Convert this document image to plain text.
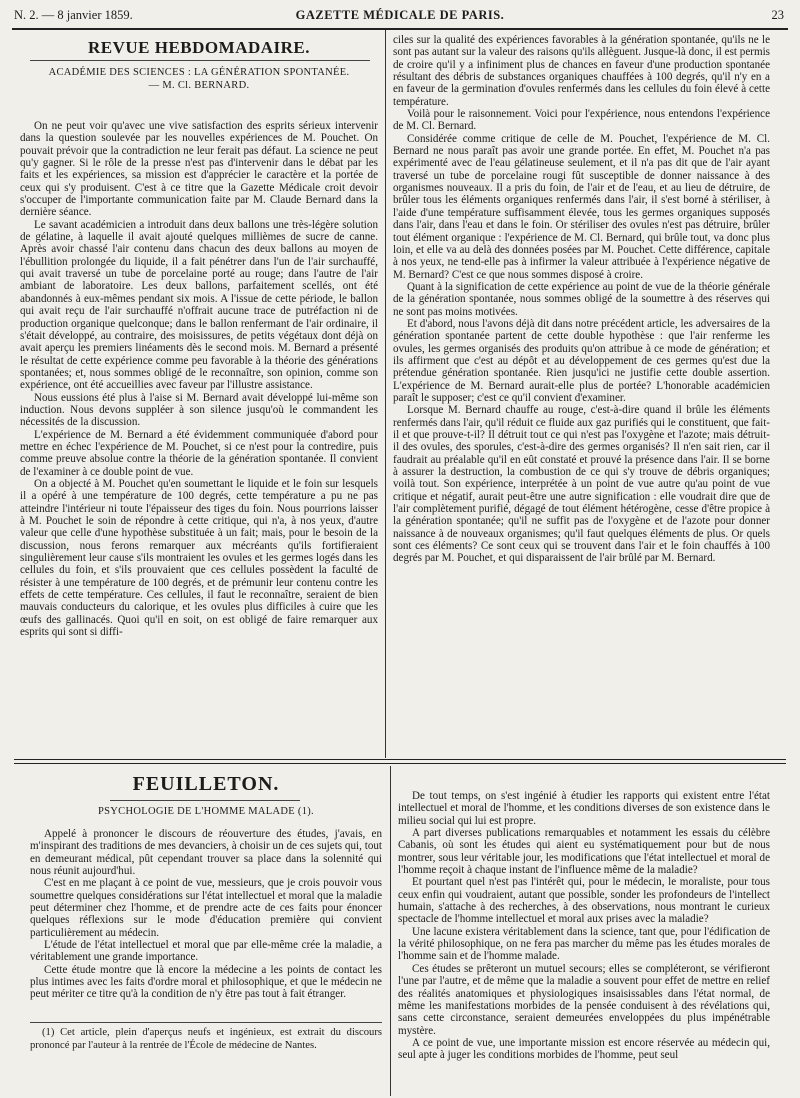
N. 2. — 8 janvier 1859.	GAZETTE MÉDICALE DE PARIS.	23
REVUE HEBDOMADAIRE.
ACADÉMIE DES SCIENCES : LA GÉNÉRATION SPONTANÉE.
— M. Cl. BERNARD.

On ne peut voir qu'avec une vive satisfaction des esprits sérieux intervenir dans la question soulevée par les nouvelles expériences de M. Pouchet. On pouvait prévoir que la contradiction ne leur ferait pas défaut. La science ne peut qu'y gagner. Si le rôle de la presse n'est pas d'intervenir dans le débat par les faits et les expériences, sa mission est d'apprécier le caractère et la portée de ceux qui s'y produisent. C'est à ce titre que la Gazette Médicale croit devoir s'occuper de l'importante communication faite par M. Claude Bernard dans la dernière séance.

Le savant académicien a introduit dans deux ballons une très-légère solution de gélatine, à laquelle il avait ajouté quelques millièmes de sucre de canne. Après avoir chassé l'air contenu dans chacun des deux ballons au moyen de l'ébullition prolongée du liquide, il a fait pénétrer dans l'un de l'air surchauffé, qui avait traversé un tube de porcelaine porté au rouge; dans l'autre de l'air ambiant de laboratoire. Les deux ballons, parfaitement scellés, ont été abandonnés à eux-mêmes pendant six mois. A l'issue de cette période, le ballon qui avait reçu de l'air surchauffé n'offrait aucune trace de putréfaction ni de production organique quelconque; dans le ballon renfermant de l'air ordinaire, il s'était développé, au contraire, des moisissures, de petits végétaux dont déjà on avait aperçu les premiers linéaments dès le second mois. M. Bernard a présenté le résultat de cette expérience comme peu favorable à la théorie des générations spontanées; et, nous sommes obligé de le reconnaître, son opinion, comme son expérience, ont été accueillies avec faveur par l'illustre assistance.

Nous eussions été plus à l'aise si M. Bernard avait développé lui-même son induction. Nous devons suppléer à son silence jusqu'où le commandent les nécessités de la discussion.

L'expérience de M. Bernard a été évidemment communiquée d'abord pour mettre en échec l'expérience de M. Pouchet, si ce n'est pour la contredire, puis comme preuve absolue contre la théorie de la génération spontanée. Il convient de l'examiner à ce double point de vue.

On a objecté à M. Pouchet qu'en soumettant le liquide et le foin sur lesquels il a opéré à une température de 100 degrés, cette température a pu ne pas atteindre l'intérieur ni toute l'épaisseur des tiges du foin. Nous pourrions laisser à M. Pouchet le soin de répondre à cette critique, qui n'a, à nos yeux, d'autre valeur que celle d'une hypothèse substituée à un fait; mais, pour le besoin de la discussion, nous ferons remarquer aux mécréants qu'ils fortifieraient singulièrement leur cause s'ils montraient les ovules et les germes logés dans les cellules du foin, et s'ils prouvaient que ces cellules possèdent la faculté de résister à une température de 100 degrés, et de prémunir leur contenu contre les effets de cette température. Ces cellules, il faut le reconnaître, seraient de bien mauvais conducteurs du calorique, et les ovules plus difficiles à cuire que les œufs des gallinacés. Quoi qu'il en soit, on est obligé de faire remarquer aux esprits qui sont si diffi-

ciles sur la qualité des expériences favorables à la génération spontanée, qu'ils ne le sont pas autant sur la valeur des raisons qu'ils allèguent. Jusque-là donc, il est permis de croire qu'il y a infiniment plus de chances en faveur d'une production spontanée résultant des débris de substances organiques chauffées à 100 degrés, qu'il n'y en a en faveur de la germination d'ovules renfermés dans les cellules du foin élevé à cette température.

Voilà pour le raisonnement. Voici pour l'expérience, nous entendons l'expérience de M. Cl. Bernard.

Considérée comme critique de celle de M. Pouchet, l'expérience de M. Cl. Bernard ne nous paraît pas avoir une grande portée. En effet, M. Pouchet n'a pas expérimenté avec de l'eau gélatineuse seulement, et il n'a pas dit que de l'air ayant traversé un tube de porcelaine rougi fût susceptible de donner naissance à des organismes nouveaux. Il a pris du foin, de l'air et de l'eau, et au lieu de détruire, de brûler tous les éléments organiques renfermés dans l'air, il s'est borné à stériliser, à l'aide d'une température suffisamment élevée, tous les germes organiques supposés dans l'air, dans l'eau et dans le foin. Or stériliser des ovules n'est pas détruire, brûler tout élément organique : l'expérience de M. Cl. Bernard, qui brûle tout, va donc plus loin, et elle va au delà des données posées par M. Pouchet. Cette différence, capitale à nos yeux, ne tend-elle pas à infirmer la valeur attribuée à l'expérience négative de M. Bernard? C'est ce que nous sommes disposé à croire.

Quant à la signification de cette expérience au point de vue de la théorie générale de la génération spontanée, nous sommes obligé de la soumettre à des réserves qui ne sont pas moins motivées.

Et d'abord, nous l'avons déjà dit dans notre précédent article, les adversaires de la génération spontanée partent de cette double hypothèse : que l'air renferme les ovules, les germes organisés des produits qu'on attribue à ce mode de génération; et ils affirment que c'est au dépôt et au développement de ces germes qu'est due la prétendue génération spontanée. Rien jusqu'ici ne justifie cette double assertion. L'expérience de M. Bernard aurait-elle plus de portée? L'honorable académicien paraît le supposer; c'est ce qu'il convient d'examiner.

Lorsque M. Bernard chauffe au rouge, c'est-à-dire quand il brûle les éléments renfermés dans l'air, qu'il réduit ce fluide aux gaz purifiés qui le constituent, que fait-il et que prouve-t-il? Il détruit tout ce qui n'est pas l'oxygène et l'azote; mais détruit-il des ovules, des sporules, c'est-à-dire des germes organisés? Il n'en sait rien, car il faudrait au préalable qu'il en eût constaté et prouvé la présence dans l'air. Il se borne à assurer la destruction, la combustion de ce qui s'y trouve de débris organiques; voilà tout. Son expérience, interprétée à un point de vue autre qu'au point de vue critique et négatif, aurait peut-être une autre signification : elle voudrait dire que de l'air complètement purifié, dégagé de tout élément hétérogène, cesse d'être propice à la génération spontanée; qu'il ne suffit pas de l'oxygène et de l'azote pour donner naissance à de nouveaux organismes; qu'il faut quelques éléments de plus. Or quels sont ces éléments? Ce sont ceux qui se trouvent dans l'air et le foin chauffés à 100 degrés par M. Pouchet, et qui disparaissent de l'air brûlé par M. Bernard.

FEUILLETON.
PSYCHOLOGIE DE L'HOMME MALADE (1).

Appelé à prononcer le discours de réouverture des études, j'avais, en m'inspirant des traditions de mes devanciers, à choisir un de ces sujets qui, tout en demeurant médical, pût cependant trouver sa place dans la solennité qui nous réunit aujourd'hui.

C'est en me plaçant à ce point de vue, messieurs, que je crois pouvoir vous soumettre quelques considérations sur l'état intellectuel et moral que la maladie peut déterminer chez l'homme, et de prendre acte de ces faits pour énoncer quelques réflexions sur le mode d'éducation première qui convient particulièrement au médecin.

L'étude de l'état intellectuel et moral que par elle-même crée la maladie, a véritablement une grande importance.

Cette étude montre que là encore la médecine a les points de contact les plus intimes avec les faits d'ordre moral et philosophique, et que le médecin ne peut mériter ce titre qu'à la condition de n'y être pas tout à fait étranger.

(1) Cet article, plein d'aperçus neufs et ingénieux, est extrait du discours prononcé par l'auteur à la rentrée de l'École de médecine de Nantes.

De tout temps, on s'est ingénié à étudier les rapports qui existent entre l'état intellectuel et moral de l'homme, et les conditions diverses de son existence dans le milieu social qui lui est propre.

A part diverses publications remarquables et notamment les essais du célèbre Cabanis, où sont les études qui aient eu systématiquement pour but de nous montrer, sous leur véritable jour, les modifications que l'état intellectuel et moral de l'homme reçoit à chaque instant de l'influence même de la maladie?

Et pourtant quel n'est pas l'intérêt qui, pour le médecin, le moraliste, pour tous ceux enfin qui voudraient, autant que possible, sonder les profondeurs de l'intellect humain, s'attache à des recherches, à des observations, nous montrant le curieux spectacle de l'homme intellectuel et moral aux prises avec la maladie?

Une lacune existera véritablement dans la science, tant que, pour l'édification de la vérité philosophique, on ne fera pas marcher du même pas les études morales de l'homme sain et de l'homme malade.

Ces études se prêteront un mutuel secours; elles se compléteront, se vérifieront l'une par l'autre, et de même que la maladie a souvent pour effet de mettre en relief des réalités anatomiques et physiologiques insaisissables dans l'état normal, de même les manifestations morbides de la pensée conduisent à des révélations qui, sans cette circonstance, seraient demeurées enveloppées du plus impénétrable mystère.

A ce point de vue, une importante mission est encore réservée au médecin qui, seul apte à juger les conditions morbides de l'homme, peut seul
